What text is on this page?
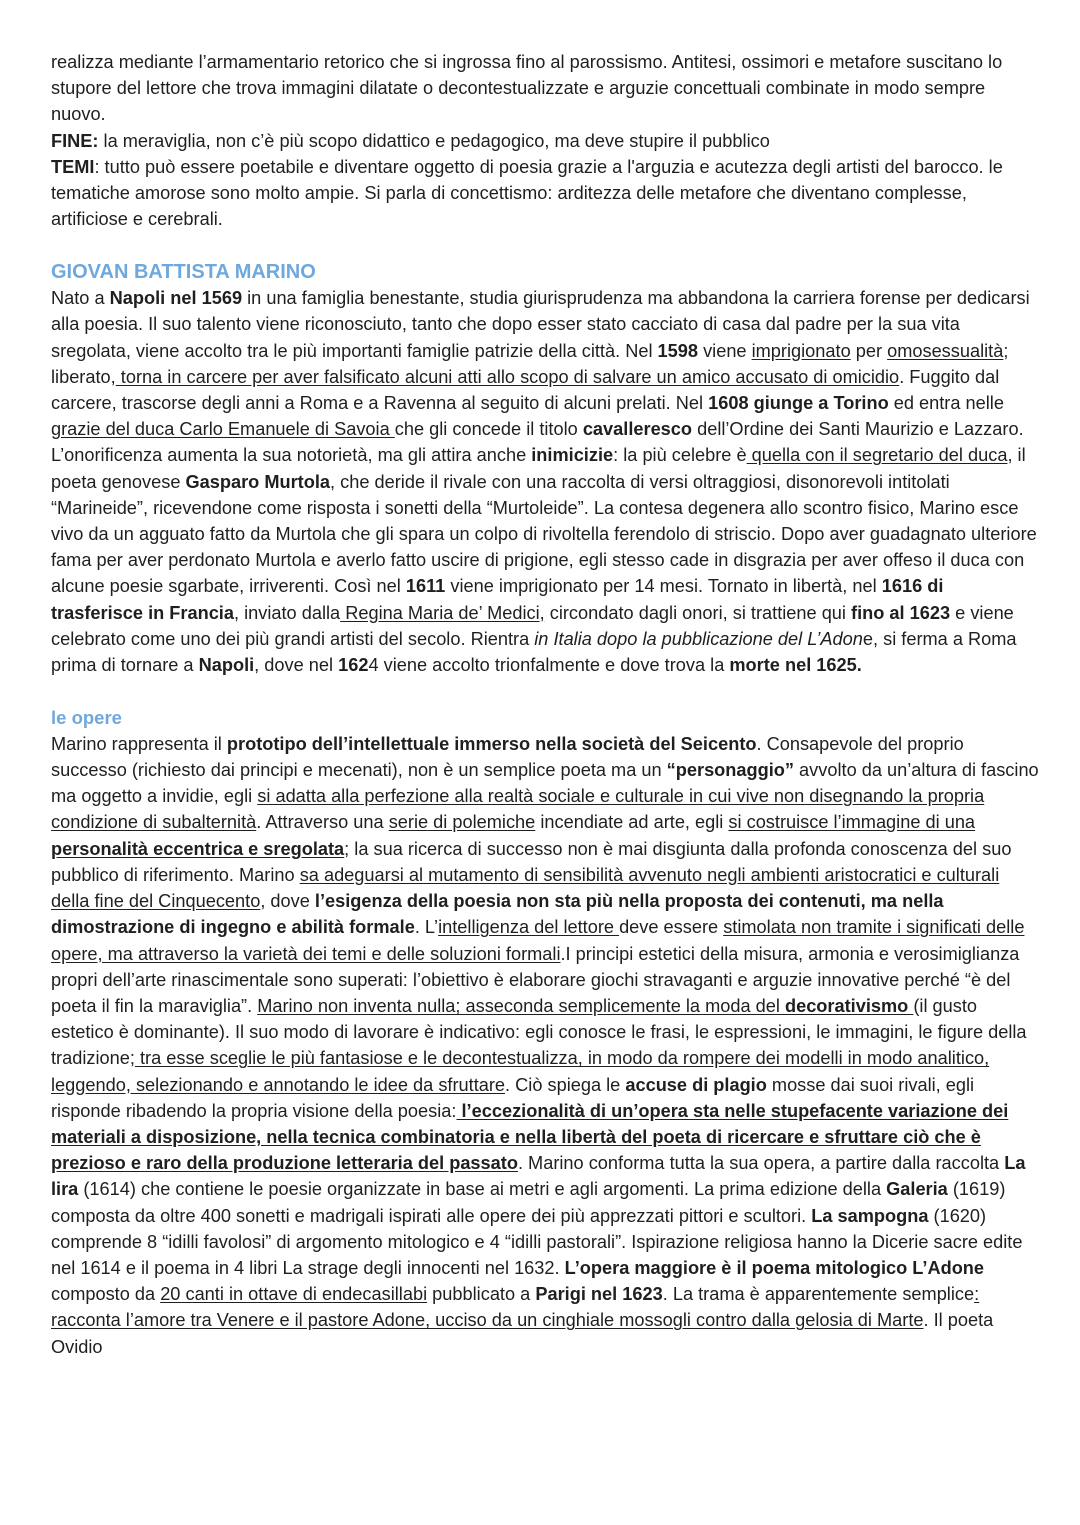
realizza mediante l’armamentario retorico che si ingrossa fino al parossismo. Antitesi, ossimori e metafore suscitano lo stupore del lettore che trova immagini dilatate o decontestualizzate e arguzie concettuali combinate in modo sempre nuovo.

FINE: la meraviglia, non c’è più scopo didattico e pedagogico, ma deve stupire il pubblico

TEMI: tutto può essere poetabile e diventare oggetto di poesia grazie a l'arguzia e acutezza degli artisti del barocco. le tematiche amorose sono molto ampie. Si parla di concettismo: arditezza delle metafore che diventano complesse, artificiose e cerebrali.

GIOVAN BATTISTA MARINO

Nato a Napoli nel 1569 in una famiglia benestante, studia giurisprudenza ma abbandona la carriera forense per dedicarsi alla poesia. Il suo talento viene riconosciuto, tanto che dopo esser stato cacciato di casa dal padre per la sua vita sregolata, viene accolto tra le più importanti famiglie patrizie della città. Nel 1598 viene imprigionato per omosessualità; liberato, torna in carcere per aver falsificato alcuni atti allo scopo di salvare un amico accusato di omicidio. Fuggito dal carcere, trascorse degli anni a Roma e a Ravenna al seguito di alcuni prelati. Nel 1608 giunge a Torino ed entra nelle grazie del duca Carlo Emanuele di Savoia che gli concede il titolo cavalleresco dell’Ordine dei Santi Maurizio e Lazzaro. L’onorificenza aumenta la sua notorietà, ma gli attira anche inimicizie: la più celebre è quella con il segretario del duca, il poeta genovese Gasparo Murtola, che deride il rivale con una raccolta di versi oltraggiosi, disonorevoli intitolati “Marineide”, ricevendone come risposta i sonetti della “Murtoleide”. La contesa degenera allo scontro fisico, Marino esce vivo da un agguato fatto da Murtola che gli spara un colpo di rivoltella ferendolo di striscio. Dopo aver guadagnato ulteriore fama per aver perdonato Murtola e averlo fatto uscire di prigione, egli stesso cade in disgrazia per aver offeso il duca con alcune poesie sgarbate, irriverenti. Così nel 1611 viene imprigionato per 14 mesi. Tornato in libertà, nel 1616 di trasferisce in Francia, inviato dalla Regina Maria de’ Medici, circondato dagli onori, si trattiene qui fino al 1623 e viene celebrato come uno dei più grandi artisti del secolo. Rientra in Italia dopo la pubblicazione del L’Adone, si ferma a Roma prima di tornare a Napoli, dove nel 1624 viene accolto trionfalmente e dove trova la morte nel 1625.

le opere

Marino rappresenta il prototipo dell’intellettuale immerso nella società del Seicento. Consapevole del proprio successo (richiesto dai principi e mecenati), non è un semplice poeta ma un “personaggio” avvolto da un’altura di fascino ma oggetto a invidie, egli si adatta alla perfezione alla realtà sociale e culturale in cui vive non disegnando la propria condizione di subalternità. Attraverso una serie di polemiche incendiate ad arte, egli si costruisce l’immagine di una personalità eccentrica e sregolata; la sua ricerca di successo non è mai disgiunta dalla profonda conoscenza del suo pubblico di riferimento. Marino sa adeguarsi al mutamento di sensibilità avvenuto negli ambienti aristocratici e culturali della fine del Cinquecento, dove l’esigenza della poesia non sta più nella proposta dei contenuti, ma nella dimostrazione di ingegno e abilità formale. L’intelligenza del lettore deve essere stimolata non tramite i significati delle opere, ma attraverso la varietà dei temi e delle soluzioni formali.I principi estetici della misura, armonia e verosimiglianza propri dell’arte rinascimentale sono superati: l’obiettivo è elaborare giochi stravaganti e arguzie innovative perché “è del poeta il fin la maraviglia”. Marino non inventa nulla; asseconda semplicemente la moda del decorativismo (il gusto estetico è dominante). Il suo modo di lavorare è indicativo: egli conosce le frasi, le espressioni, le immagini, le figure della tradizione; tra esse sceglie le più fantasiose e le decontestualizza, in modo da rompere dei modelli in modo analitico, leggendo, selezionando e annotando le idee da sfruttare. Ciò spiega le accuse di plagio mosse dai suoi rivali, egli risponde ribadendo la propria visione della poesia: l’eccezionalità di un’opera sta nelle stupefacente variazione dei materiali a disposizione, nella tecnica combinatoria e nella libertà del poeta di ricercare e sfruttare ciò che è prezioso e raro della produzione letteraria del passato. Marino conforma tutta la sua opera, a partire dalla raccolta La lira (1614) che contiene le poesie organizzate in base ai metri e agli argomenti. La prima edizione della Galeria (1619) composta da oltre 400 sonetti e madrigali ispirati alle opere dei più apprezzati pittori e scultori. La sampogna (1620) comprende 8 “idilli favolosi” di argomento mitologico e 4 “idilli pastorali”. Ispirazione religiosa hanno la Dicerie sacre edite nel 1614 e il poema in 4 libri La strage degli innocenti nel 1632. L’opera maggiore è il poema mitologico L’Adone composto da 20 canti in ottave di endecasillabi pubblicato a Parigi nel 1623. La trama è apparentemente semplice: racconta l’amore tra Venere e il pastore Adone, ucciso da un cinghiale mossogli contro dalla gelosia di Marte. Il poeta Ovidio
